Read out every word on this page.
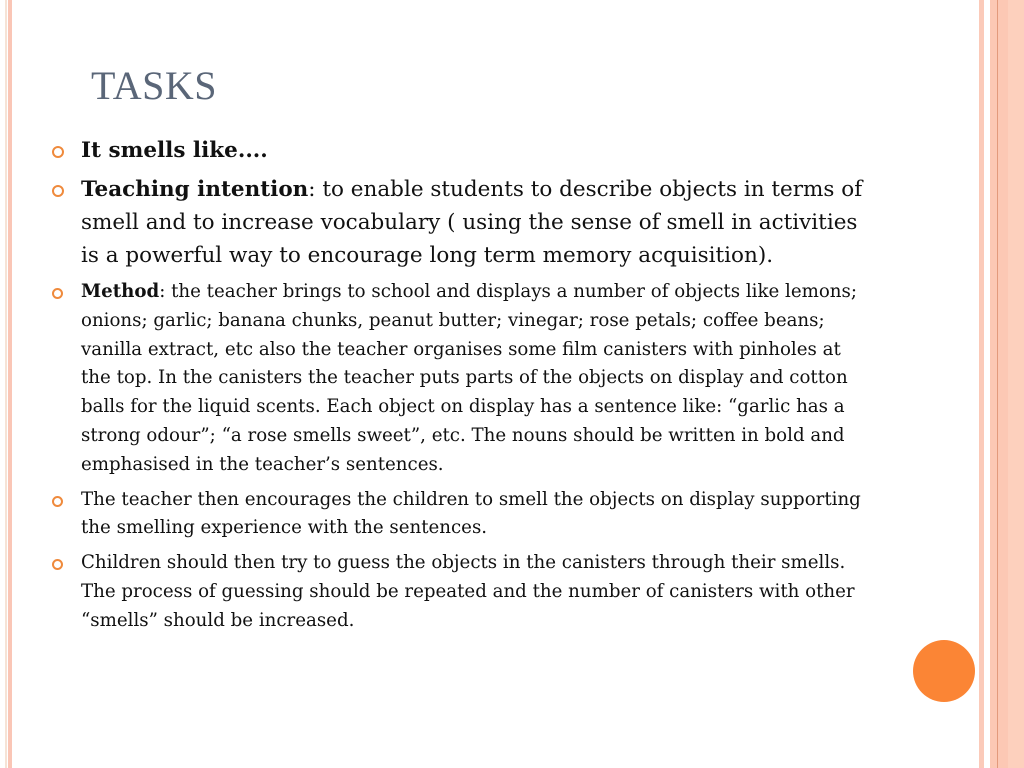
TASKS
It smells like....
Teaching intention: to enable students to describe objects in terms of smell and to increase vocabulary ( using the sense of smell in activities is a powerful way to encourage long term memory acquisition).
Method: the teacher brings to school and displays a number of objects like lemons; onions; garlic; banana chunks, peanut butter; vinegar; rose petals; coffee beans; vanilla extract, etc also the teacher organises some film canisters with pinholes at the top. In the canisters the teacher puts parts of the objects on display and cotton balls for the liquid scents. Each object on display has a sentence like: “garlic has a strong odour”; “a rose smells sweet”, etc. The nouns should be written in bold and emphasised in the teacher’s sentences.
The teacher then encourages the children to smell the objects on display supporting the smelling experience with the sentences.
Children should then try to guess the objects in the canisters through their smells. The process of guessing should be repeated and the number of canisters with other “smells” should be increased.
